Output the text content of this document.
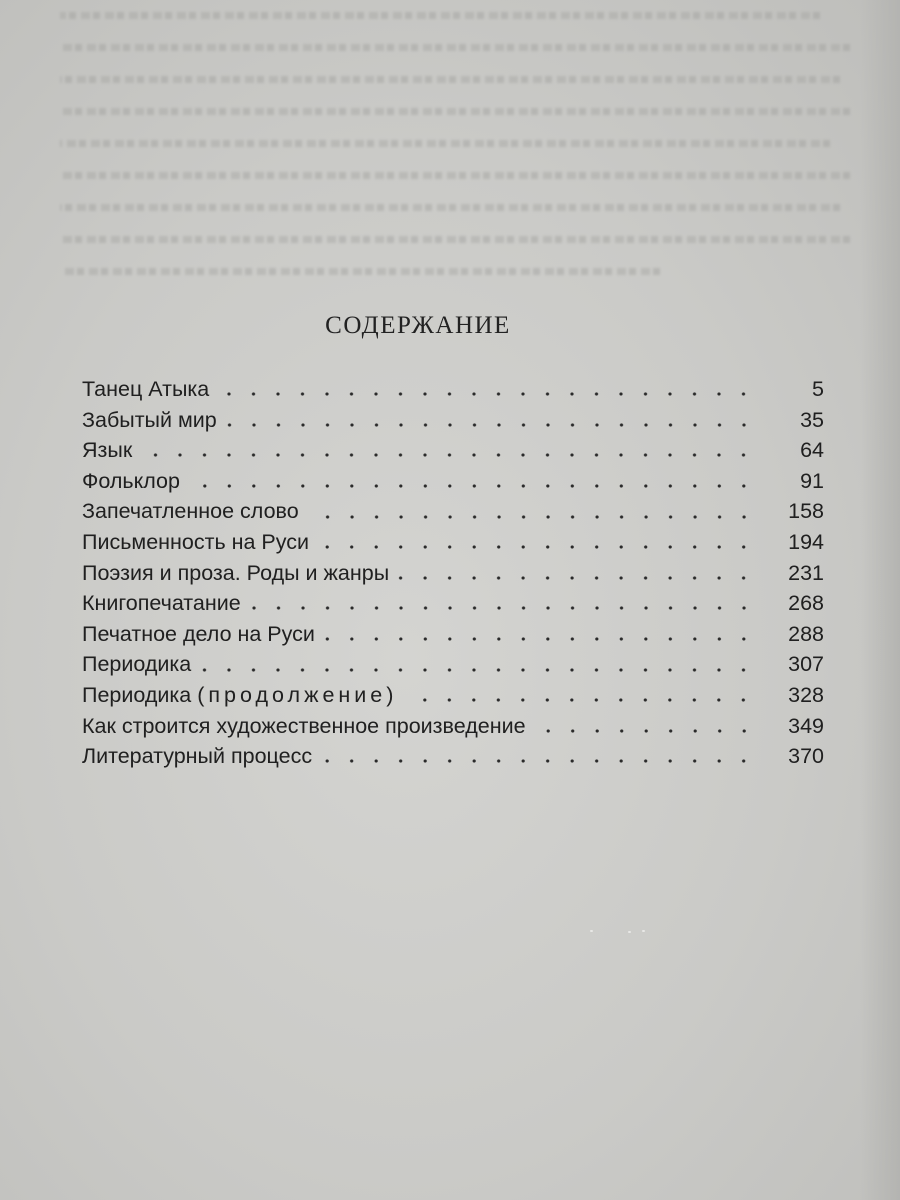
СОДЕРЖАНИЕ
Танец Атыка	5
Забытый мир	35
Язык	64
Фольклор	91
Запечатленное слово	158
Письменность на Руси	194
Поэзия и проза. Роды и жанры	231
Книгопечатание	268
Печатное дело на Руси	288
Периодика	307
Периодика (продолжение)	328
Как строится художественное произведение	349
Литературный процесс	370
